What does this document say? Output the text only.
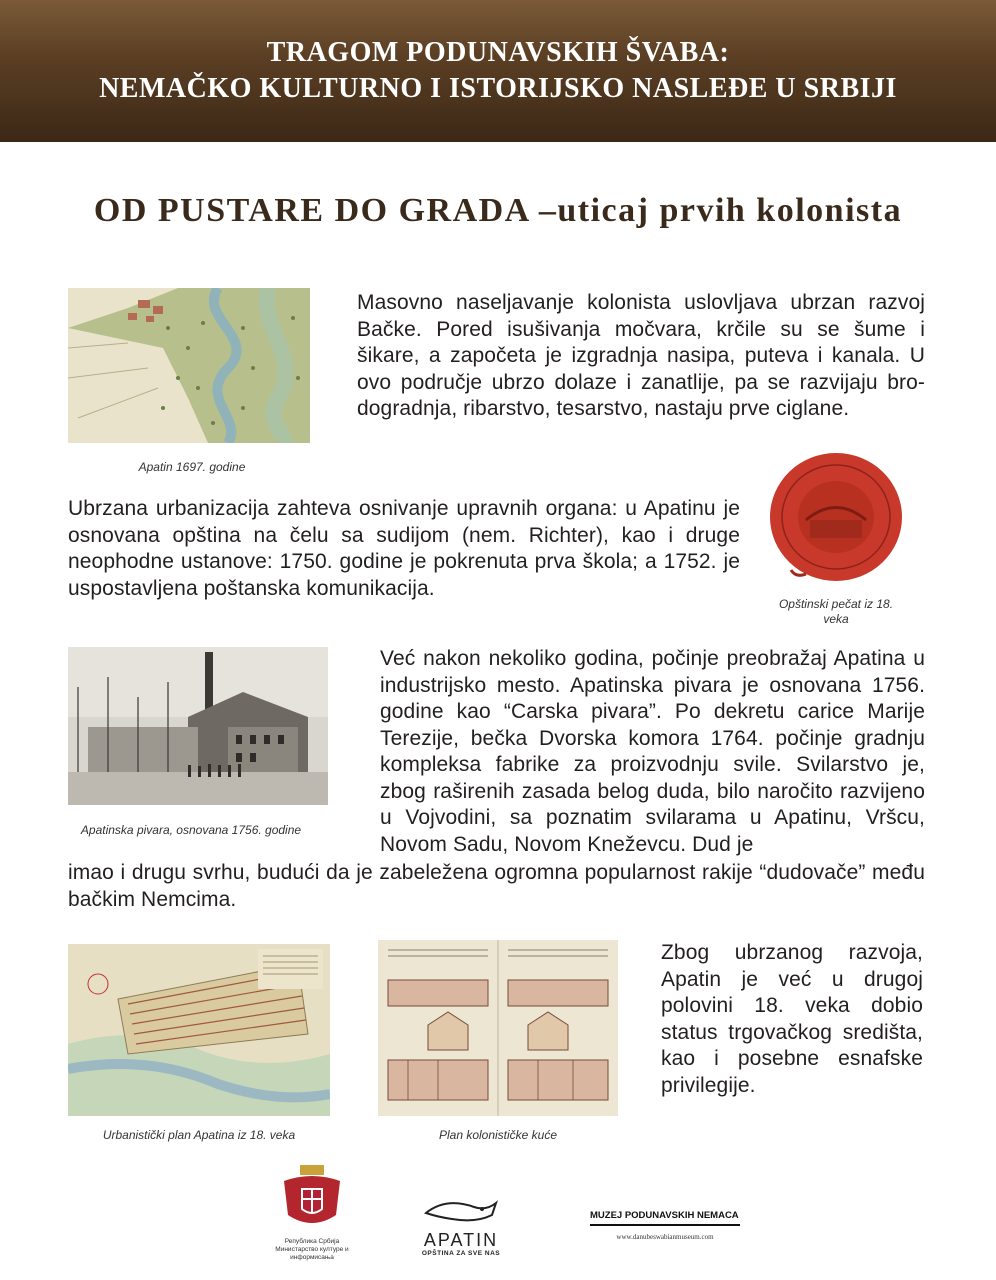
TRAGOM PODUNAVSKIH ŠVABA:
NEMAČKO KULTURNO I ISTORIJSKO NASLEĐE U SRBIJI
OD PUSTARE DO GRADA –uticaj prvih kolonista
Apatin 1697. godine
Masovno naseljavanje kolonista uslovljava ubrzan razvoj Bačke. Pored isušivanja močvara, krčile su se šume i šikare, a započeta je izgradnja nasipa, puteva i kanala. U ovo područje ubrzo dolaze i zanatlije, pa se razvijaju bro-dogradnja, ribarstvo, tesarstvo, nastaju prve ciglane.
Opštinski pečat iz 18. veka
Ubrzana urbanizacija zahteva osnivanje upravnih organa: u Apatinu je osnovana opština na čelu sa sudijom (nem. Richter), kao i druge neophodne ustanove: 1750. godine je pokrenuta prva škola; a 1752. je uspostavljena poštanska komunikacija.
Apatinska pivara, osnovana 1756. godine
Već nakon nekoliko godina, počinje preobražaj Apatina u industrijsko mesto. Apatinska pivara je osnovana 1756. godine kao “Carska pivara”. Po dekretu carice Marije Terezije, bečka Dvorska komora 1764. počinje gradnju kompleksa fabrike za proizvodnju svile. Svilarstvo je, zbog raširenih zasada belog duda, bilo naročito razvijeno u Vojvodini, sa poznatim svilarama u Apatinu, Vršcu, Novom Sadu, Novom Kneževcu. Dud je
imao i drugu svrhu, budući da je zabeležena ogromna popularnost rakije “dudovače” među bačkim Nemcima.
Urbanistički plan Apatina iz 18. veka	Plan kolonističke kuće
Zbog ubrzanog razvoja, Apatin je već u drugoj polovini 18. veka dobio status trgovačkog središta, kao i posebne esnafske privilegije.
Република Србија
Министарство културе и информисања
APATIN
OPŠTINA ZA SVE NAS
MUZEJ PODUNAVSKIH NEMACA
www.danubeswabianmuseum.com
